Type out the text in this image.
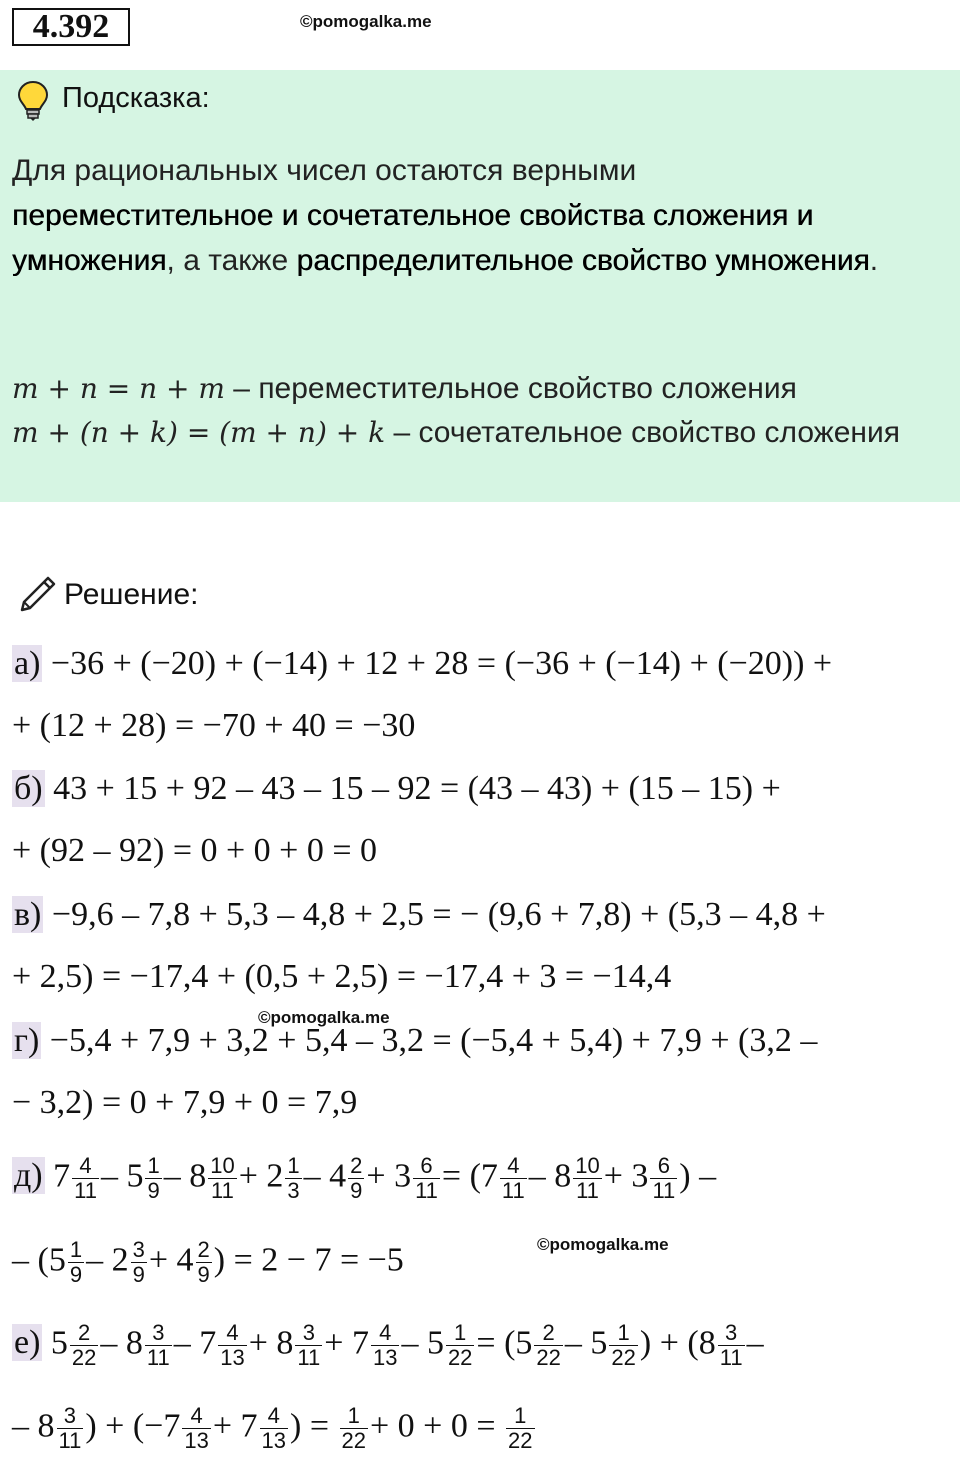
4.392	©pomogalka.me
Подсказка:
Для рациональных чисел остаются верными
переместительное и сочетательное свойства сложения и умножения, а также распределительное свойство умножения.
m + n = n + m – переместительное свойство сложения
m + (n + k) = (m + n) + k – сочетательное свойство сложения
Решение:
а) −36 + (−20) + (−14) + 12 + 28 = (−36 + (−14) + (−20)) +
+ (12 + 28) = −70 + 40 = −30
б) 43 + 15 + 92 – 43 – 15 – 92 = (43 – 43) + (15 – 15) +
+ (92 – 92) = 0 + 0 + 0 = 0
в) −9,6 – 7,8 + 5,3 – 4,8 + 2,5 = − (9,6 + 7,8) + (5,3 – 4,8 +
+ 2,5) = −17,4 + (0,5 + 2,5) = −17,4 + 3 = −14,4
©pomogalka.me
г) −5,4 + 7,9 + 3,2 + 5,4 – 3,2 = (−5,4 + 5,4) + 7,9 + (3,2 –
− 3,2) = 0 + 7,9 + 0 = 7,9
д) $7 \frac{4}{11} - 5 \frac{1}{9} - 8 \frac{10}{11} + 2 \frac{1}{3} - 4 \frac{2}{9} + 3 \frac{6}{11} = (7 \frac{4}{11} - 8 \frac{10}{11} + 3 \frac{6}{11}$ ) –
– ($5 \frac{1}{9} - 2 \frac{3}{9} + 4 \frac{2}{9}$ ) = 2 − 7 = −5	©pomogalka.me
е) $5 \frac{2}{22} - 8 \frac{3}{11} - 7 \frac{4}{13} + 8 \frac{3}{11} + 7 \frac{4}{13} - 5 \frac{1}{22} = (5 \frac{2}{22} - 5 \frac{1}{22}$ ) + ($8 \frac{3}{11}$ –
– $8 \frac{3}{11}$ ) + ($-7 \frac{4}{13} + 7 \frac{4}{13}$ ) = $\frac{1}{22} + 0 + 0 = \frac{1}{22}$
